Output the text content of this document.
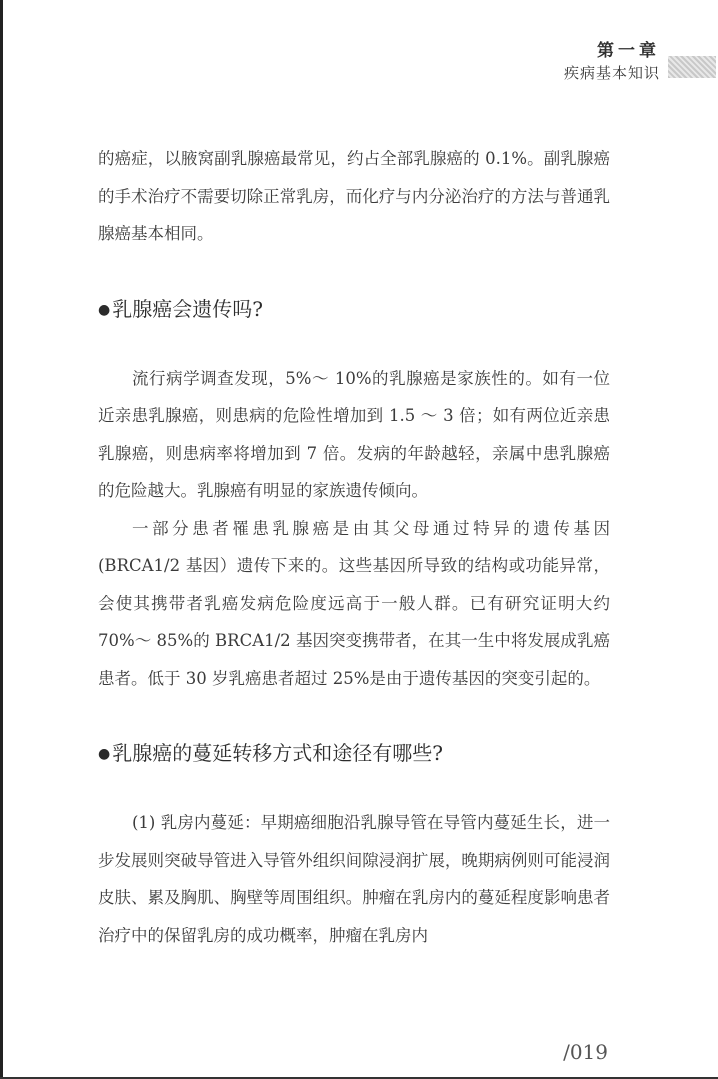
第一章
疾病基本知识

的癌症，以腋窝副乳腺癌最常见，约占全部乳腺癌的 0.1%。副乳腺癌的手术治疗不需要切除正常乳房，而化疗与内分泌治疗的方法与普通乳腺癌基本相同。

● 乳腺癌会遗传吗?

流行病学调查发现，5%～ 10%的乳腺癌是家族性的。如有一位近亲患乳腺癌，则患病的危险性增加到 1.5 ～ 3 倍；如有两位近亲患乳腺癌，则患病率将增加到 7 倍。发病的年龄越轻，亲属中患乳腺癌的危险越大。乳腺癌有明显的家族遗传倾向。

一部分患者罹患乳腺癌是由其父母通过特异的遗传基因(BRCA1/2 基因）遗传下来的。这些基因所导致的结构或功能异常，会使其携带者乳癌发病危险度远高于一般人群。已有研究证明大约 70%～ 85%的 BRCA1/2 基因突变携带者，在其一生中将发展成乳癌患者。低于 30 岁乳癌患者超过 25%是由于遗传基因的突变引起的。

● 乳腺癌的蔓延转移方式和途径有哪些?

(1) 乳房内蔓延：早期癌细胞沿乳腺导管在导管内蔓延生长，进一步发展则突破导管进入导管外组织间隙浸润扩展，晚期病例则可能浸润皮肤、累及胸肌、胸壁等周围组织。肿瘤在乳房内的蔓延程度影响患者治疗中的保留乳房的成功概率，肿瘤在乳房内

/019
